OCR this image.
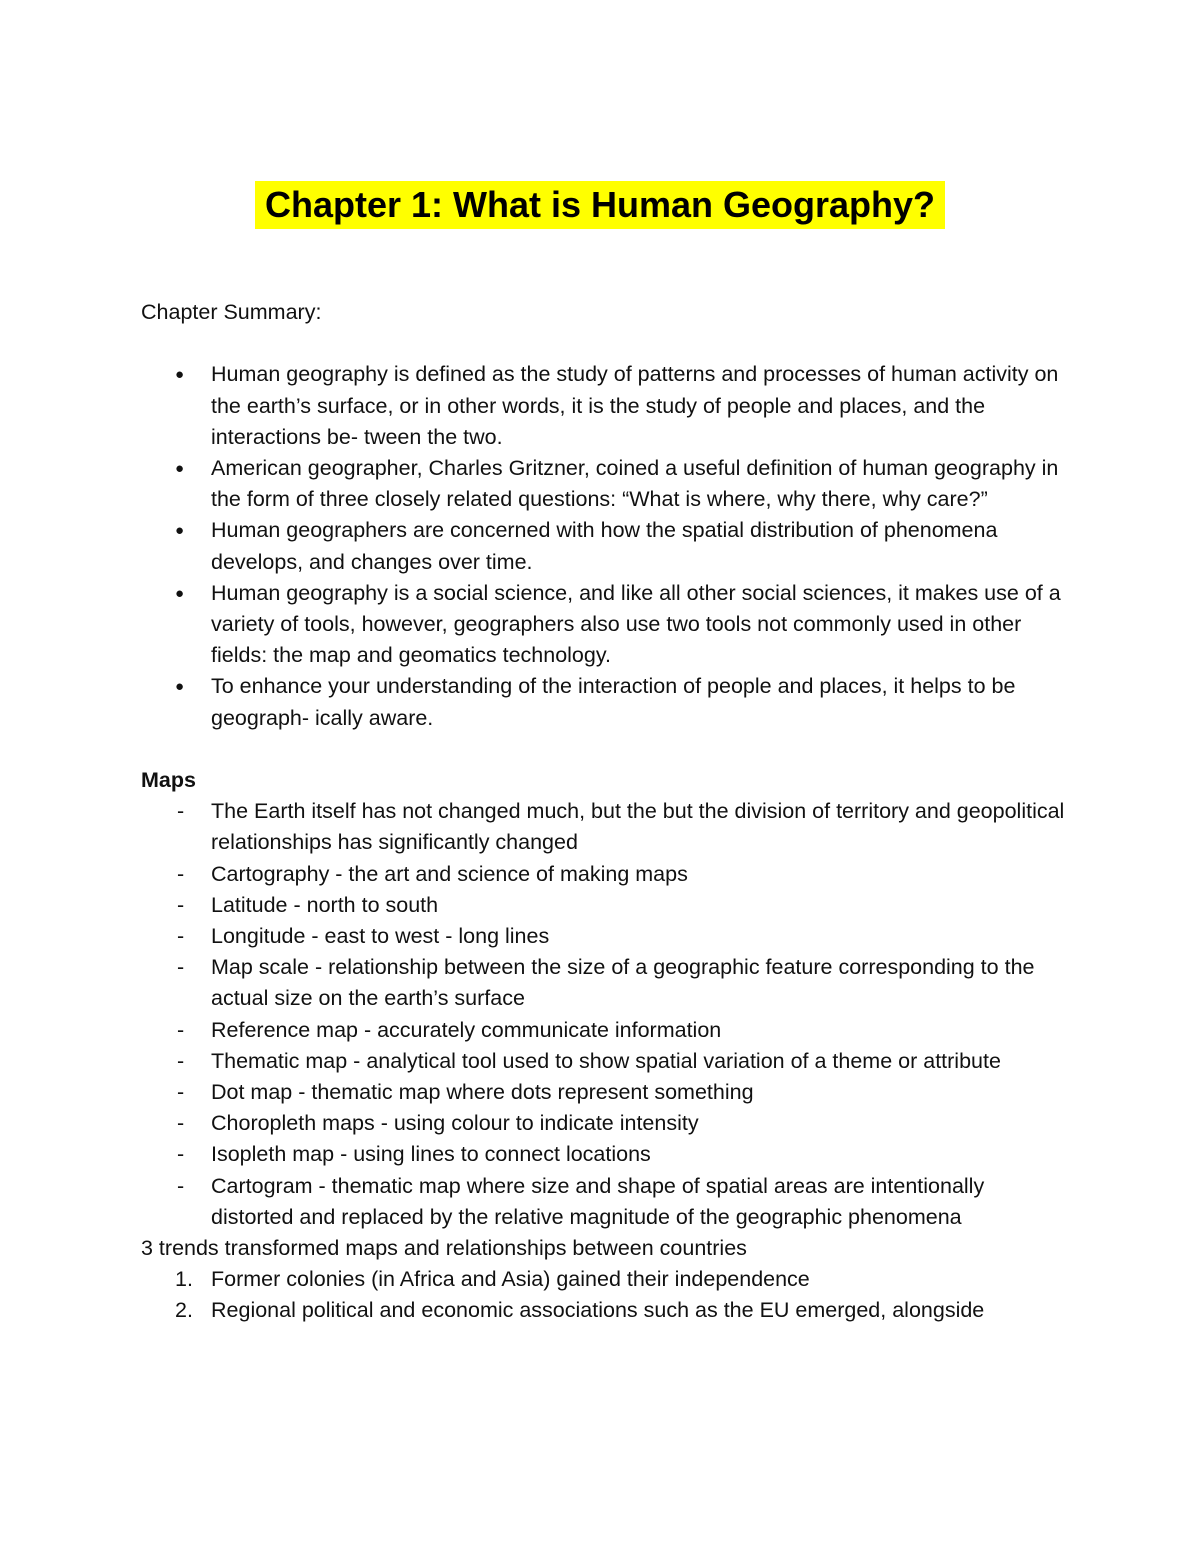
Chapter 1: What is Human Geography?

Chapter Summary:

●	Human geography is defined as the study of patterns and processes of human activity on the earth’s surface, or in other words, it is the study of people and places, and the interactions be- tween the two.
●	American geographer, Charles Gritzner, coined a useful definition of human geography in the form of three closely related questions: “What is where, why there, why care?”
●	Human geographers are concerned with how the spatial distribution of phenomena develops, and changes over time.
●	Human geography is a social science, and like all other social sciences, it makes use of a variety of tools, however, geographers also use two tools not commonly used in other fields: the map and geomatics technology.
●	To enhance your understanding of the interaction of people and places, it helps to be geograph- ically aware.

Maps

-	The Earth itself has not changed much, but the but the division of territory and geopolitical relationships has significantly changed
-	Cartography - the art and science of making maps
-	Latitude - north to south
-	Longitude - east to west - long lines
-	Map scale - relationship between the size of a geographic feature corresponding to the actual size on the earth’s surface
-	Reference map - accurately communicate information
-	Thematic map - analytical tool used to show spatial variation of a theme or attribute
-	Dot map - thematic map where dots represent something
-	Choropleth maps - using colour to indicate intensity
-	Isopleth map - using lines to connect locations
-	Cartogram - thematic map where size and shape of spatial areas are intentionally distorted and replaced by the relative magnitude of the geographic phenomena

3 trends transformed maps and relationships between countries

1. Former colonies (in Africa and Asia) gained their independence
2. Regional political and economic associations such as the EU emerged, alongside
